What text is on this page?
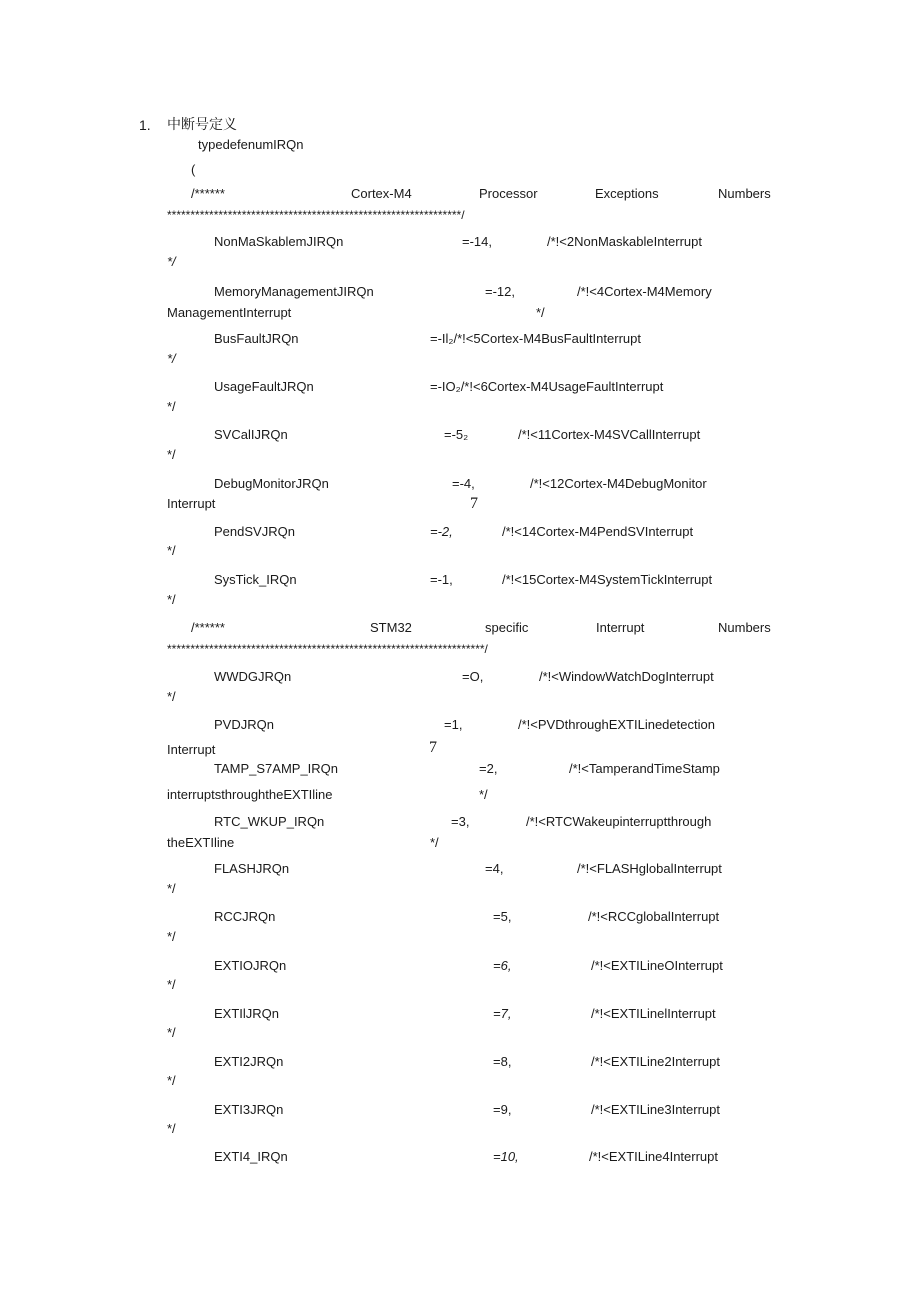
1. 中断号定义
typedefenumIRQn
(
/******	Cortex-M4	Processor	Exceptions	Numbers
***************************************************************/
NonMaSkablemJIRQn	=-14,	/*!<2NonMaskableInterrupt
*/
MemoryManagementJIRQn	=-12,	/*!<4Cortex-M4Memory
ManagementInterrupt	*/
BusFaultJRQn	=-Il₂/*!<5Cortex-M4BusFaultInterrupt
*/
UsageFaultJRQn	=-IO₂/*!<6Cortex-M4UsageFaultInterrupt
*/
SVCalIJRQn	=-5₂	/*!<11Cortex-M4SVCallInterrupt
*/
DebugMonitorJRQn	=-4,	/*!<12Cortex-M4DebugMonitor
Interrupt	7
PendSVJRQn	=-2,	/*!<14Cortex-M4PendSVInterrupt
*/
SysTick_IRQn	=-1,	/*!<15Cortex-M4SystemTickInterrupt
*/
/******	STM32	specific	Interrupt	Numbers
********************************************************************/
WWDGJRQn	=O,	/*!<WindowWatchDogInterrupt
*/
PVDJRQn	=1,	/*!<PVDthroughEXTILinedetection
Interrupt	7
TAMP_S7AMP_IRQn	=2,	/*!<TamperandTimeStamp
interruptsthroughtheEXTIline	*/
RTC_WKUP_IRQn	=3,	/*!<RTCWakeupinterruptthrough
theEXTIline	*/
FLASHJRQn	=4,	/*!<FLASHglobalInterrupt
*/
RCCJRQn	=5,	/*!<RCCglobalInterrupt
*/
EXTIOJRQn	=6,	/*!<EXTILineOInterrupt
*/
EXTIlJRQn	=7,	/*!<EXTILinelInterrupt
*/
EXTI2JRQn	=8,	/*!<EXTILine2Interrupt
*/
EXTI3JRQn	=9,	/*!<EXTILine3Interrupt
*/
EXTI4_IRQn	=10,	/*!<EXTILine4Interrupt
